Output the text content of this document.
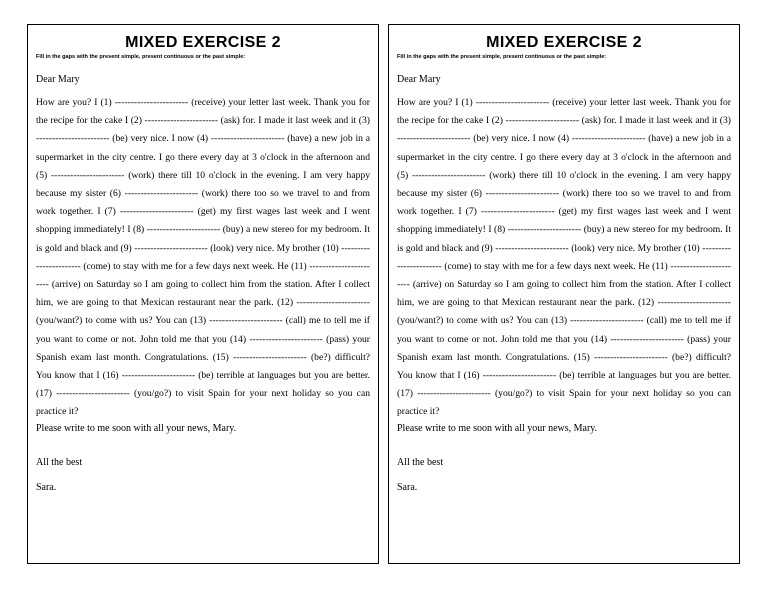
MIXED EXERCISE 2
Fill in the gaps with the present simple, present continuous or the past simple:
Dear Mary
How are you? I (1) ----------------------- (receive) your letter last week. Thank you for the recipe for the cake I (2) ----------------------- (ask) for. I made it last week and it (3) ----------------------- (be) very nice. I now (4) ----------------------- (have) a new job in a supermarket in the city centre. I go there every day at 3 o'clock in the afternoon and (5) ----------------------- (work) there till 10 o'clock in the evening. I am very happy because my sister (6) ----------------------- (work) there too so we travel to and from work together. I (7) ----------------------- (get) my first wages last week and I went shopping immediately! I (8) ----------------------- (buy) a new stereo for my bedroom. It is gold and black and (9) ----------------------- (look) very nice. My brother (10) ----------------------- (come) to stay with me for a few days next week. He (11) ----------------------- (arrive) on Saturday so I am going to collect him from the station. After I collect him, we are going to that Mexican restaurant near the park. (12) ----------------------- (you/want?) to come with us? You can (13) ----------------------- (call) me to tell me if you want to come or not. John told me that you (14) ----------------------- (pass) your Spanish exam last month. Congratulations. (15) ----------------------- (be?) difficult? You know that I (16) ----------------------- (be) terrible at languages but you are better. (17) ----------------------- (you/go?) to visit Spain for your next holiday so you can practice it?
Please write to me soon with all your news, Mary.
All the best
Sara.
MIXED EXERCISE 2
Fill in the gaps with the present simple, present continuous or the past simple:
Dear Mary
How are you? I (1) ----------------------- (receive) your letter last week. Thank you for the recipe for the cake I (2) ----------------------- (ask) for. I made it last week and it (3) ----------------------- (be) very nice. I now (4) ----------------------- (have) a new job in a supermarket in the city centre. I go there every day at 3 o'clock in the afternoon and (5) ----------------------- (work) there till 10 o'clock in the evening. I am very happy because my sister (6) ----------------------- (work) there too so we travel to and from work together. I (7) ----------------------- (get) my first wages last week and I went shopping immediately! I (8) ----------------------- (buy) a new stereo for my bedroom. It is gold and black and (9) ----------------------- (look) very nice. My brother (10) ----------------------- (come) to stay with me for a few days next week. He (11) ----------------------- (arrive) on Saturday so I am going to collect him from the station. After I collect him, we are going to that Mexican restaurant near the park. (12) ----------------------- (you/want?) to come with us? You can (13) ----------------------- (call) me to tell me if you want to come or not. John told me that you (14) ----------------------- (pass) your Spanish exam last month. Congratulations. (15) ----------------------- (be?) difficult? You know that I (16) ----------------------- (be) terrible at languages but you are better. (17) ----------------------- (you/go?) to visit Spain for your next holiday so you can practice it?
Please write to me soon with all your news, Mary.
All the best
Sara.
